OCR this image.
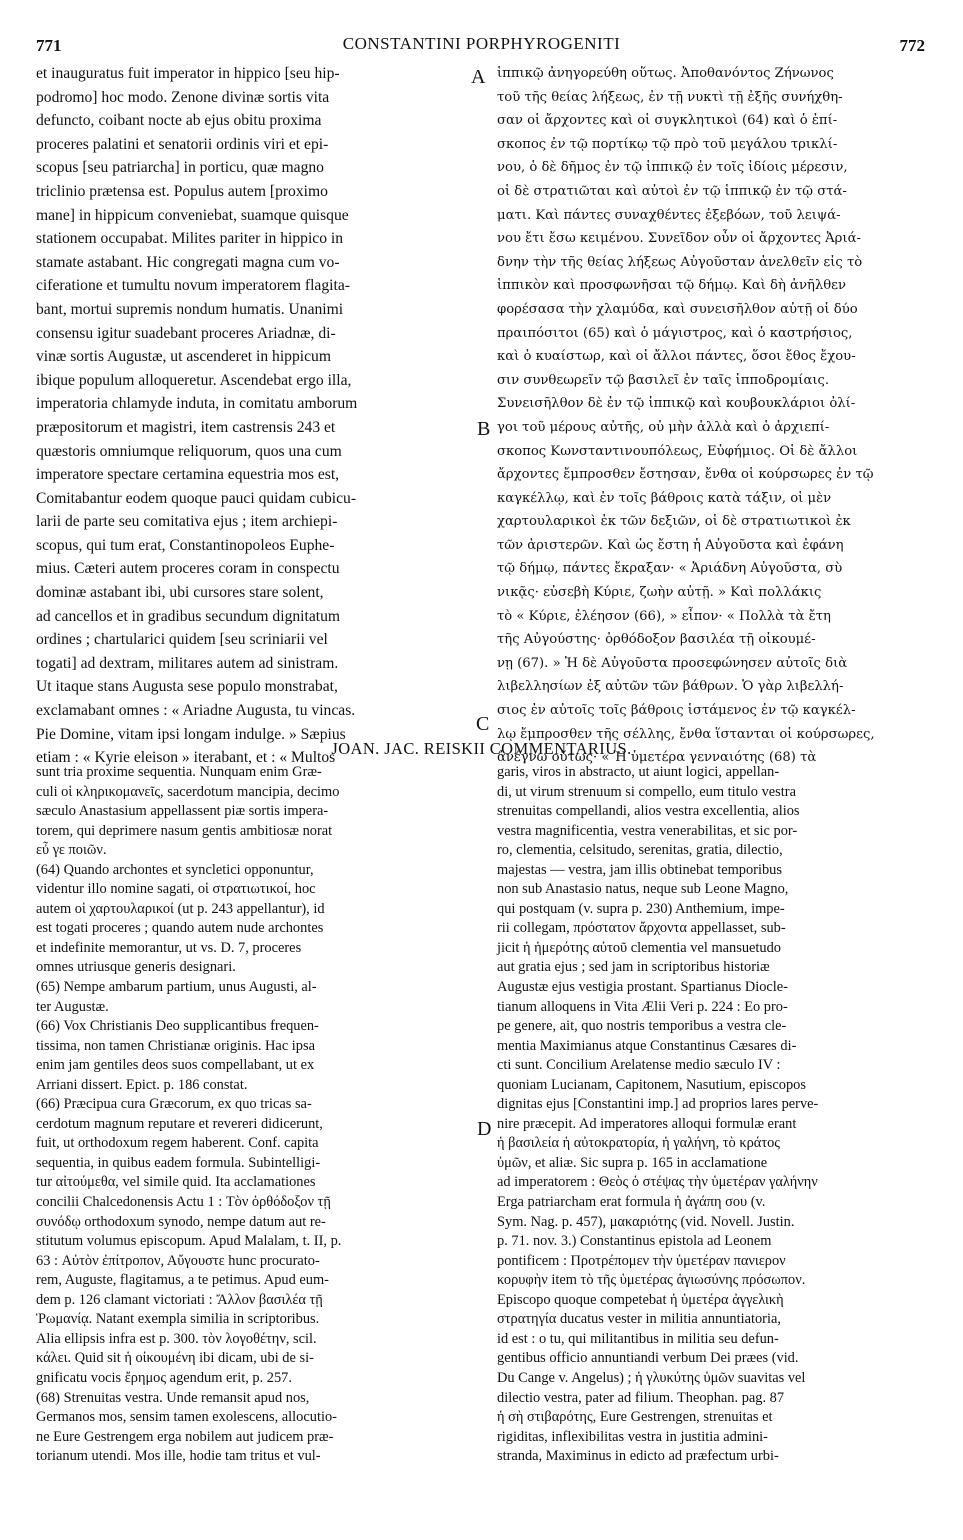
771	CONSTANTINI PORPHYROGENITI	772
et inauguratus fuit imperator in hippico [seu hip-
podromo] hoc modo. Zenone divinæ sortis vita
defuncto, coibant nocte ab ejus obitu proxima
proceres palatini et senatorii ordinis viri et epi-
scopus [seu patriarcha] in porticu, quæ magno
triclinio prætensa est. Populus autem [proximo
mane] in hippicum conveniebat, suamque quisque
stationem occupabat. Milites pariter in hippico in
stamate astabant. Hic congregati magna cum vo-
ciferatione et tumultu novum imperatorem flagita-
bant, mortui supremis nondum humatis. Unanimi
consensu igitur suadebant proceres Ariadnæ, di-
vinæ sortis Augustæ, ut ascenderet in hippicum
ibique populum alloqueretur. Ascendebat ergo illa,
imperatoria chlamyde induta, in comitatu amborum
præpositorum et magistri, item castrensis 243 et
quæstoris omniumque reliquorum, quos una cum
imperatore spectare certamina equestria mos est,
Comitabantur eodem quoque pauci quidam cubicu-
larii de parte seu comitativa ejus ; item archiepi-
scopus, qui tum erat, Constantinopoleos Euphe-
mius. Cæteri autem proceres coram in conspectu
dominæ astabant ibi, ubi cursores stare solent,
ad cancellos et in gradibus secundum dignitatum
ordines ; chartularici quidem [seu scriniarii vel
togati] ad dextram, militares autem ad sinistram.
Ut itaque stans Augusta sese populo monstrabat,
exclamabant omnes : « Ariadne Augusta, tu vincas.
Pie Domine, vitam ipsi longam indulge. » Sæpius
etiam : « Kyrie eleison » iterabant, et : « Multos
ἱππικῷ ἀνηγορεύθη οὕτως. Ἀποθανόντος Ζήνωνος
τοῦ τῆς θείας λήξεως, ἐν τῇ νυκτὶ τῇ ἐξῆς συνήχθη-
σαν οἱ ἄρχοντες καὶ οἱ συγκλητικοὶ (64) καὶ ὁ ἐπί-
σκοπος ἐν τῷ πορτίκῳ τῷ πρὸ τοῦ μεγάλου τρικλί-
νου, ὁ δὲ δῆμος ἐν τῷ ἱππικῷ ἐν τοῖς ἰδίοις μέρεσιν,
οἱ δὲ στρατιῶται καὶ αὐτοὶ ἐν τῷ ἱππικῷ ἐν τῷ στά-
ματι. Καὶ πάντες συναχθέντες ἐξεβόων, τοῦ λειψά-
νου ἔτι ἔσω κειμένου. Συνεῖδον οὖν οἱ ἄρχοντες Ἀριά-
δνην τὴν τῆς θείας λήξεως Αὐγοῦσταν ἀνελθεῖν εἰς τὸ
ἱππικὸν καὶ προσφωνῆσαι τῷ δήμῳ. Καὶ δὴ ἀνῆλθεν
φορέσασα τὴν χλαμύδα, καὶ συνεισῆλθον αὐτῇ οἱ δύο
πραιπόσιτοι (65) καὶ ὁ μάγιστρος, καὶ ὁ καστρήσιος,
καὶ ὁ κυαίστωρ, καὶ οἱ ἄλλοι πάντες, ὅσοι ἔθος ἔχου-
σιν συνθεωρεῖν τῷ βασιλεῖ ἐν ταῖς ἱπποδρομίαις.
Συνεισῆλθον δὲ ἐν τῷ ἱππικῷ καὶ κουβουκλάριοι ὀλί-
γοι τοῦ μέρους αὐτῆς, οὐ μὴν ἀλλὰ καὶ ὁ ἀρχιεπί-
σκοπος Κωνσταντινουπόλεως, Εὐφήμιος. Οἱ δὲ ἄλλοι
ἄρχοντες ἔμπροσθεν ἔστησαν, ἔνθα οἱ κούρσωρες ἐν τῷ
καγκέλλῳ, καὶ ἐν τοῖς βάθροις κατὰ τάξιν, οἱ μὲν
χαρτουλαρικοὶ ἐκ τῶν δεξιῶν, οἱ δὲ στρατιωτικοὶ ἐκ
τῶν ἀριστερῶν. Καὶ ὡς ἔστη ἡ Αὐγοῦστα καὶ ἐφάνη
τῷ δήμῳ, πάντες ἔκραξαν· « Ἀριάδνη Αὐγοῦστα, σὺ
νικᾷς· εὐσεβὴ Κύριε, ζωὴν αὐτῇ. » Καὶ πολλάκις
τὸ « Κύριε, ἐλέησον (66), » εἶπον· « Πολλὰ τὰ ἔτη
τῆς Αὐγούστης· ὀρθόδοξον βασιλέα τῇ οἰκουμέ-
νῃ (67). » Ἡ δὲ Αὐγοῦστα προσεφώνησεν αὐτοῖς διὰ
λιβελλησίων ἐξ αὐτῶν τῶν βάθρων. Ὁ γὰρ λιβελλή-
σιος ἐν αὐτοῖς τοῖς βάθροις ἱστάμενος ἐν τῷ καγκέλ-
λῳ ἔμπροσθεν τῆς σέλλης, ἔνθα ἵστανται οἱ κούρσωρες,
ἀνέγνω οὕτως· « Ἡ ὑμετέρα γενναιότης (68) τὰ
A
B
C
D
JOAN. JAC. REISKII COMMENTARIUS.
sunt tria proxime sequentia. Nunquam enim Græ-
culi οἱ κληρικομανεῖς, sacerdotum mancipia, decimo
sæculo Anastasium appellassent piæ sortis impera-
torem, qui deprimere nasum gentis ambitiosæ norat
εὖ γε ποιῶν.
(64) Quando archontes et syncletici opponuntur,
videntur illo nomine sagati, οἱ στρατιωτικοί, hoc
autem οἱ χαρτουλαρικοί (ut p. 243 appellantur), id
est togati proceres ; quando autem nude archontes
et indefinite memorantur, ut vs. D. 7, proceres
omnes utriusque generis designari.
(65) Nempe ambarum partium, unus Augusti, al-
ter Augustæ.
(66) Vox Christianis Deo supplicantibus frequen-
tissima, non tamen Christianæ originis. Hac ipsa
enim jam gentiles deos suos compellabant, ut ex
Arriani dissert. Epict. p. 186 constat.
(66) Præcipua cura Græcorum, ex quo tricas sa-
cerdotum magnum reputare et revereri didicerunt,
fuit, ut orthodoxum regem haberent. Conf. capita
sequentia, in quibus eadem formula. Subintelligi-
tur αἰτούμεθα, vel simile quid. Ita acclamationes
concilii Chalcedonensis Actu 1 : Τὸν ὀρθόδοξον τῇ
συνόδῳ orthodoxum synodo, nempe datum aut re-
stitutum volumus episcopum. Apud Malalam, t. II, p.
63 : Αὐτὸν ἐπίτροπον, Αὔγουστε hunc procurato-
rem, Auguste, flagitamus, a te petimus. Apud eum-
dem p. 126 clamant victoriati : Ἄλλον βασιλέα τῇ
Ῥωμανίᾳ. Natant exempla similia in scriptoribus.
Alia ellipsis infra est p. 300. τὸν λογοθέτην, scil.
κάλει. Quid sit ἡ οἰκουμένη ibi dicam, ubi de si-
gnificatu vocis ἔρημος agendum erit, p. 257.
(68) Strenuitas vestra. Unde remansit apud nos,
Germanos mos, sensim tamen exolescens, allocutio-
ne Eure Gestrengem erga nobilem aut judicem præ-
torianum utendi. Mos ille, hodie tam tritus et vul-
garis, viros in abstracto, ut aiunt logici, appellan-
di, ut virum strenuum si compello, eum titulo vestra
strenuitas compellandi, alios vestra excellentia, alios
vestra magnificentia, vestra venerabilitas, et sic por-
ro, clementia, celsitudo, serenitas, gratia, dilectio,
majestas — vestra, jam illis obtinebat temporibus
non sub Anastasio natus, neque sub Leone Magno,
qui postquam (v. supra p. 230) Anthemium, impe-
rii collegam, πρόστατον ἄρχοντα appellasset, sub-
jicit ἡ ἡμερότης αὐτοῦ clementia vel mansuetudo
aut gratia ejus ; sed jam in scriptoribus historiæ
Augustæ ejus vestigia prostant. Spartianus Diocle-
tianum alloquens in Vita Ælii Veri p. 224 : Eo pro-
pe genere, ait, quo nostris temporibus a vestra cle-
mentia Maximianus atque Constantinus Cæsares di-
cti sunt. Concilium Arelatense medio sæculo IV :
quoniam Lucianam, Capitonem, Nasutium, episcopos
dignitas ejus [Constantini imp.] ad proprios lares perve-
nire præcepit. Ad imperatores alloqui formulæ erant
ἡ βασιλεία ἡ αὐτοκρατορία, ἡ γαλήνη, τὸ κράτος
ὑμῶν, et aliæ. Sic supra p. 165 in acclamatione
ad imperatorem : Θεὸς ὁ στέψας τὴν ὑμετέραν γαλήνην
Erga patriarcham erat formula ἡ ἀγάπη σου (v.
Sym. Nag. p. 457), μακαριότης (vid. Novell. Justin.
p. 71. nov. 3.) Constantinus epistola ad Leonem
pontificem : Προτρέπομεν τὴν ὑμετέραν πανιερον
κορυφὴν item τὸ τῆς ὑμετέρας ἁγιωσύνης πρόσωπον.
Episcopo quoque competebat ἡ ὑμετέρα ἀγγελικὴ
στρατηγία ducatus vester in militia annuntiatoria,
id est : o tu, qui militantibus in militia seu defun-
gentibus officio annuntiandi verbum Dei præes (vid.
Du Cange v. Angelus) ; ἡ γλυκύτης ὑμῶν suavitas vel
dilectio vestra, pater ad filium. Theophan. pag. 87
ἡ σὴ στιβαρότης, Eure Gestrengen, strenuitas et
rigiditas, inflexibilitas vestra in justitia admini-
stranda, Maximinus in edicto ad præfectum urbi-
